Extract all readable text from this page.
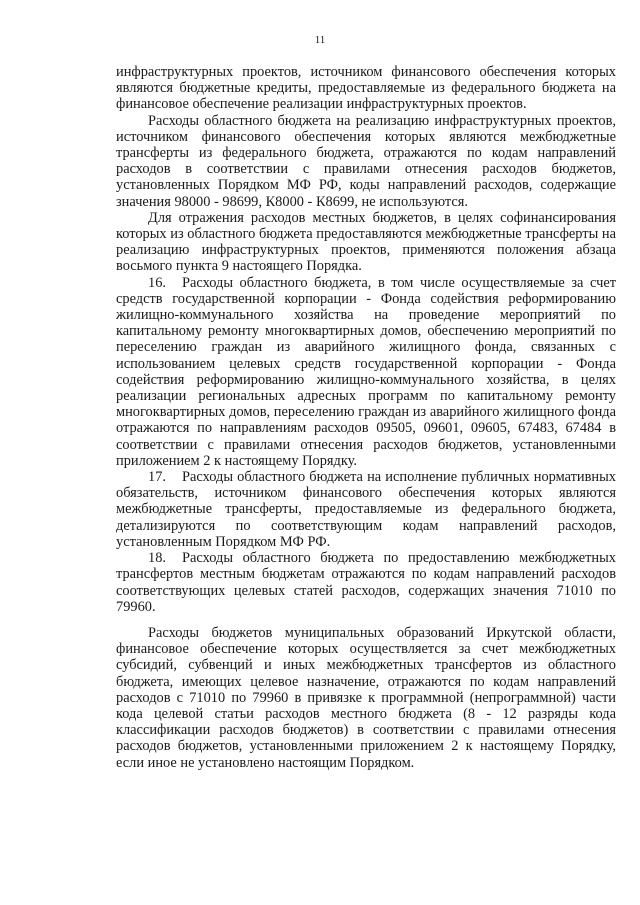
11

инфраструктурных проектов, источником финансового обеспечения которых являются бюджетные кредиты, предоставляемые из федерального бюджета на финансовое обеспечение реализации инфраструктурных проектов.

Расходы областного бюджета на реализацию инфраструктурных проектов, источником финансового обеспечения которых являются межбюджетные трансферты из федерального бюджета, отражаются по кодам направлений расходов в соответствии с правилами отнесения расходов бюджетов, установленных Порядком МФ РФ, коды направлений расходов, содержащие значения 98000 - 98699, К8000 - К8699, не используются.

Для отражения расходов местных бюджетов, в целях софинансирования которых из областного бюджета предоставляются межбюджетные трансферты на реализацию инфраструктурных проектов, применяются положения абзаца восьмого пункта 9 настоящего Порядка.

16. Расходы областного бюджета, в том числе осуществляемые за счет средств государственной корпорации - Фонда содействия реформированию жилищно-коммунального хозяйства на проведение мероприятий по капитальному ремонту многоквартирных домов, обеспечению мероприятий по переселению граждан из аварийного жилищного фонда, связанных с использованием целевых средств государственной корпорации - Фонда содействия реформированию жилищно-коммунального хозяйства, в целях реализации региональных адресных программ по капитальному ремонту многоквартирных домов, переселению граждан из аварийного жилищного фонда отражаются по направлениям расходов 09505, 09601, 09605, 67483, 67484 в соответствии с правилами отнесения расходов бюджетов, установленными приложением 2 к настоящему Порядку.

17. Расходы областного бюджета на исполнение публичных нормативных обязательств, источником финансового обеспечения которых являются межбюджетные трансферты, предоставляемые из федерального бюджета, детализируются по соответствующим кодам направлений расходов, установленным Порядком МФ РФ.

18. Расходы областного бюджета по предоставлению межбюджетных трансфертов местным бюджетам отражаются по кодам направлений расходов соответствующих целевых статей расходов, содержащих значения 71010 по 79960.

Расходы бюджетов муниципальных образований Иркутской области, финансовое обеспечение которых осуществляется за счет межбюджетных субсидий, субвенций и иных межбюджетных трансфертов из областного бюджета, имеющих целевое назначение, отражаются по кодам направлений расходов с 71010 по 79960 в привязке к программной (непрограммной) части кода целевой статьи расходов местного бюджета (8 - 12 разряды кода классификации расходов бюджетов) в соответствии с правилами отнесения расходов бюджетов, установленными приложением 2 к настоящему Порядку, если иное не установлено настоящим Порядком.
